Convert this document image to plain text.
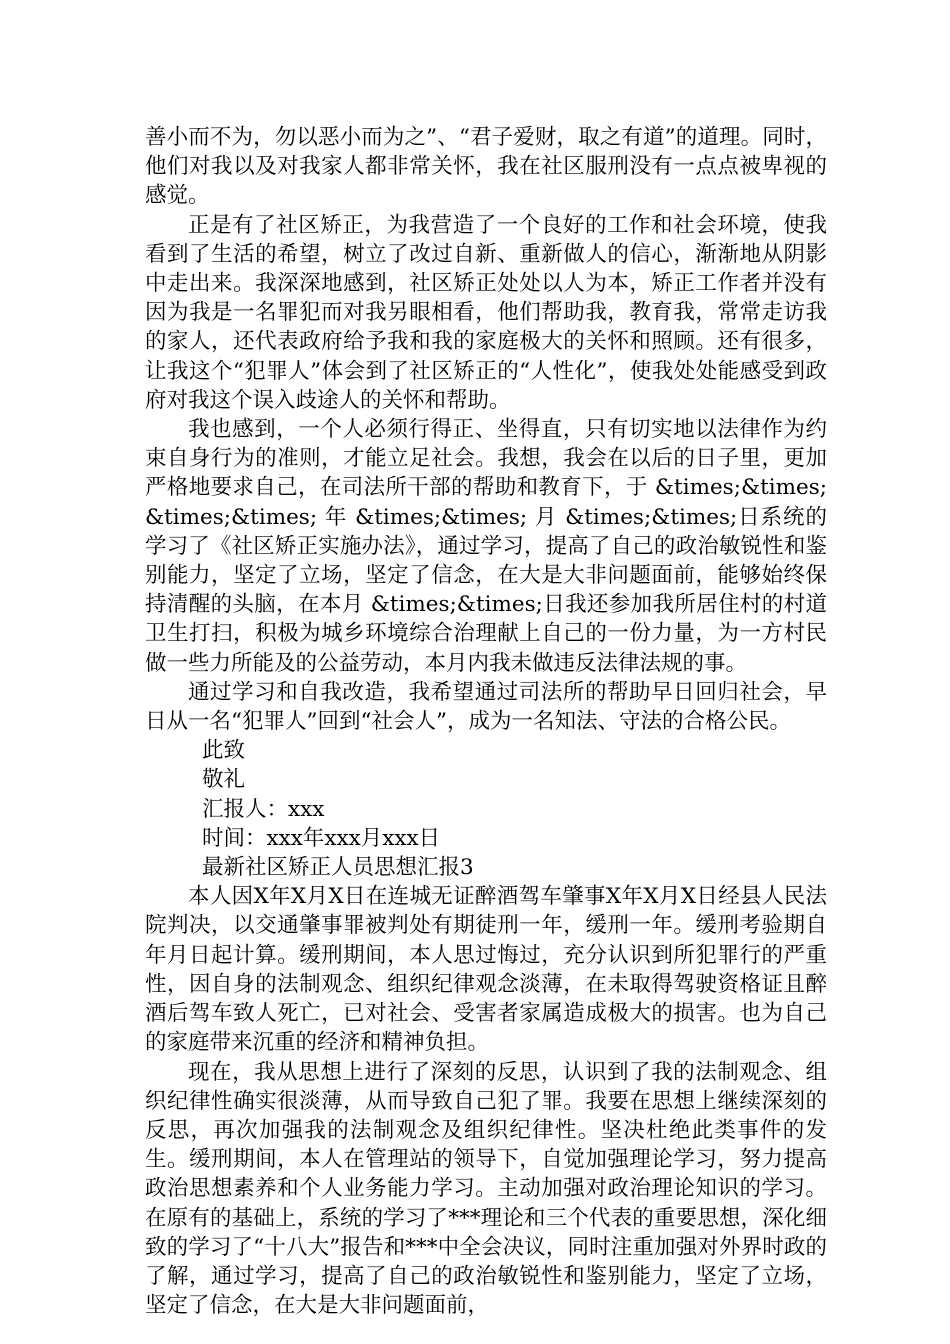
善小而不为，勿以恶小而为之”、“君子爱财，取之有道”的道理。同时，他们对我以及对我家人都非常关怀，我在社区服刑没有一点点被卑视的感觉。

正是有了社区矫正，为我营造了一个良好的工作和社会环境，使我看到了生活的希望，树立了改过自新、重新做人的信心，渐渐地从阴影中走出来。我深深地感到，社区矫正处处以人为本，矫正工作者并没有因为我是一名罪犯而对我另眼相看，他们帮助我，教育我，常常走访我的家人，还代表政府给予我和我的家庭极大的关怀和照顾。还有很多，让我这个“犯罪人”体会到了社区矫正的“人性化”，使我处处能感受到政府对我这个误入歧途人的关怀和帮助。

我也感到，一个人必须行得正、坐得直，只有切实地以法律作为约束自身行为的准则，才能立足社会。我想，我会在以后的日子里，更加严格地要求自己，在司法所干部的帮助和教育下，于 &times;&times;&times;&times; 年 &times;&times; 月 &times;&times;日系统的学习了《社区矫正实施办法》，通过学习，提高了自己的政治敏锐性和鉴别能力，坚定了立场，坚定了信念，在大是大非问题面前，能够始终保持清醒的头脑，在本月 &times;&times;日我还参加我所居住村的村道卫生打扫，积极为城乡环境综合治理献上自己的一份力量，为一方村民做一些力所能及的公益劳动，本月内我未做违反法律法规的事。

通过学习和自我改造，我希望通过司法所的帮助早日回归社会，早日从一名“犯罪人”回到“社会人”，成为一名知法、守法的合格公民。

此致

敬礼

汇报人：xxx

时间：xxx年xxx月xxx日

最新社区矫正人员思想汇报3

本人因X年X月X日在连城无证醉酒驾车肇事X年X月X日经县人民法院判决，以交通肇事罪被判处有期徒刑一年，缓刑一年。缓刑考验期自年月日起计算。缓刑期间，本人思过悔过，充分认识到所犯罪行的严重性，因自身的法制观念、组织纪律观念淡薄，在未取得驾驶资格证且醉酒后驾车致人死亡，已对社会、受害者家属造成极大的损害。也为自己的家庭带来沉重的经济和精神负担。

现在，我从思想上进行了深刻的反思，认识到了我的法制观念、组织纪律性确实很淡薄，从而导致自己犯了罪。我要在思想上继续深刻的反思，再次加强我的法制观念及组织纪律性。坚决杜绝此类事件的发生。缓刑期间，本人在管理站的领导下，自觉加强理论学习，努力提高政治思想素养和个人业务能力学习。主动加强对政治理论知识的学习。在原有的基础上，系统的学习了***理论和三个代表的重要思想，深化细致的学习了“十八大”报告和***中全会决议，同时注重加强对外界时政的了解，通过学习，提高了自己的政治敏锐性和鉴别能力，坚定了立场，坚定了信念，在大是大非问题面前，
